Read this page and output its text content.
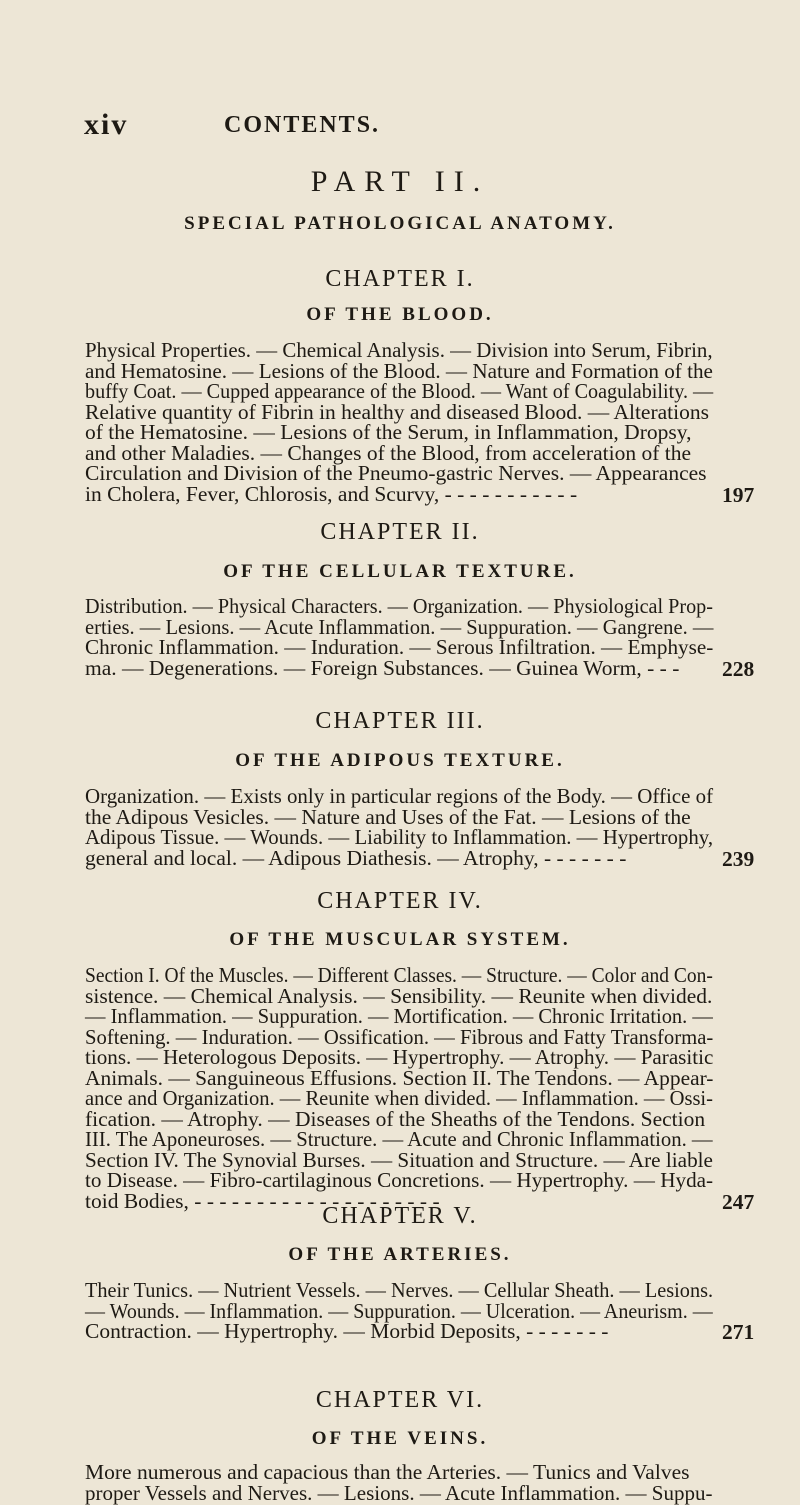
xiv	CONTENTS.
PART II.
SPECIAL PATHOLOGICAL ANATOMY.
CHAPTER I.
OF THE BLOOD.
Physical Properties. — Chemical Analysis. — Division into Serum, Fibrin,
and Hematosine. — Lesions of the Blood. — Nature and Formation of the
buffy Coat. — Cupped appearance of the Blood. — Want of Coagulability. —
Relative quantity of Fibrin in healthy and diseased Blood. — Alterations
of the Hematosine. — Lesions of the Serum, in Inflammation, Dropsy,
and other Maladies. — Changes of the Blood, from acceleration of the
Circulation and Division of the Pneumo-gastric Nerves. — Appearances
in Cholera, Fever, Chlorosis, and Scurvy, - - - - - - - - - - -	197
CHAPTER II.
OF THE CELLULAR TEXTURE.
Distribution. — Physical Characters. — Organization. — Physiological Prop-
erties. — Lesions. — Acute Inflammation. — Suppuration. — Gangrene. —
Chronic Inflammation. — Induration. — Serous Infiltration. — Emphyse-
ma. — Degenerations. — Foreign Substances. — Guinea Worm, - - -	228
CHAPTER III.
OF THE ADIPOUS TEXTURE.
Organization. — Exists only in particular regions of the Body. — Office of
the Adipous Vesicles. — Nature and Uses of the Fat. — Lesions of the
Adipous Tissue. — Wounds. — Liability to Inflammation. — Hypertrophy,
general and local. — Adipous Diathesis. — Atrophy, - - - - - - -	239
CHAPTER IV.
OF THE MUSCULAR SYSTEM.
Section I. Of the Muscles. — Different Classes. — Structure. — Color and Con-
sistence. — Chemical Analysis. — Sensibility. — Reunite when divided.
— Inflammation. — Suppuration. — Mortification. — Chronic Irritation. —
Softening. — Induration. — Ossification. — Fibrous and Fatty Transforma-
tions. — Heterologous Deposits. — Hypertrophy. — Atrophy. — Parasitic
Animals. — Sanguineous Effusions. Section II. The Tendons. — Appear-
ance and Organization. — Reunite when divided. — Inflammation. — Ossi-
fication. — Atrophy. — Diseases of the Sheaths of the Tendons. Section
III. The Aponeuroses. — Structure. — Acute and Chronic Inflammation. —
Section IV. The Synovial Burses. — Situation and Structure. — Are liable
to Disease. — Fibro-cartilaginous Concretions. — Hypertrophy. — Hyda-
toid Bodies, - - - - - - - - - - - - - - - - - - - -	247
CHAPTER V.
OF THE ARTERIES.
Their Tunics. — Nutrient Vessels. — Nerves. — Cellular Sheath. — Lesions.
— Wounds. — Inflammation. — Suppuration. — Ulceration. — Aneurism. —
Contraction. — Hypertrophy. — Morbid Deposits, - - - - - - -	271
CHAPTER VI.
OF THE VEINS.
More numerous and capacious than the Arteries. — Tunics and Valves
proper Vessels and Nerves. — Lesions. — Acute Inflammation. — Suppu-
